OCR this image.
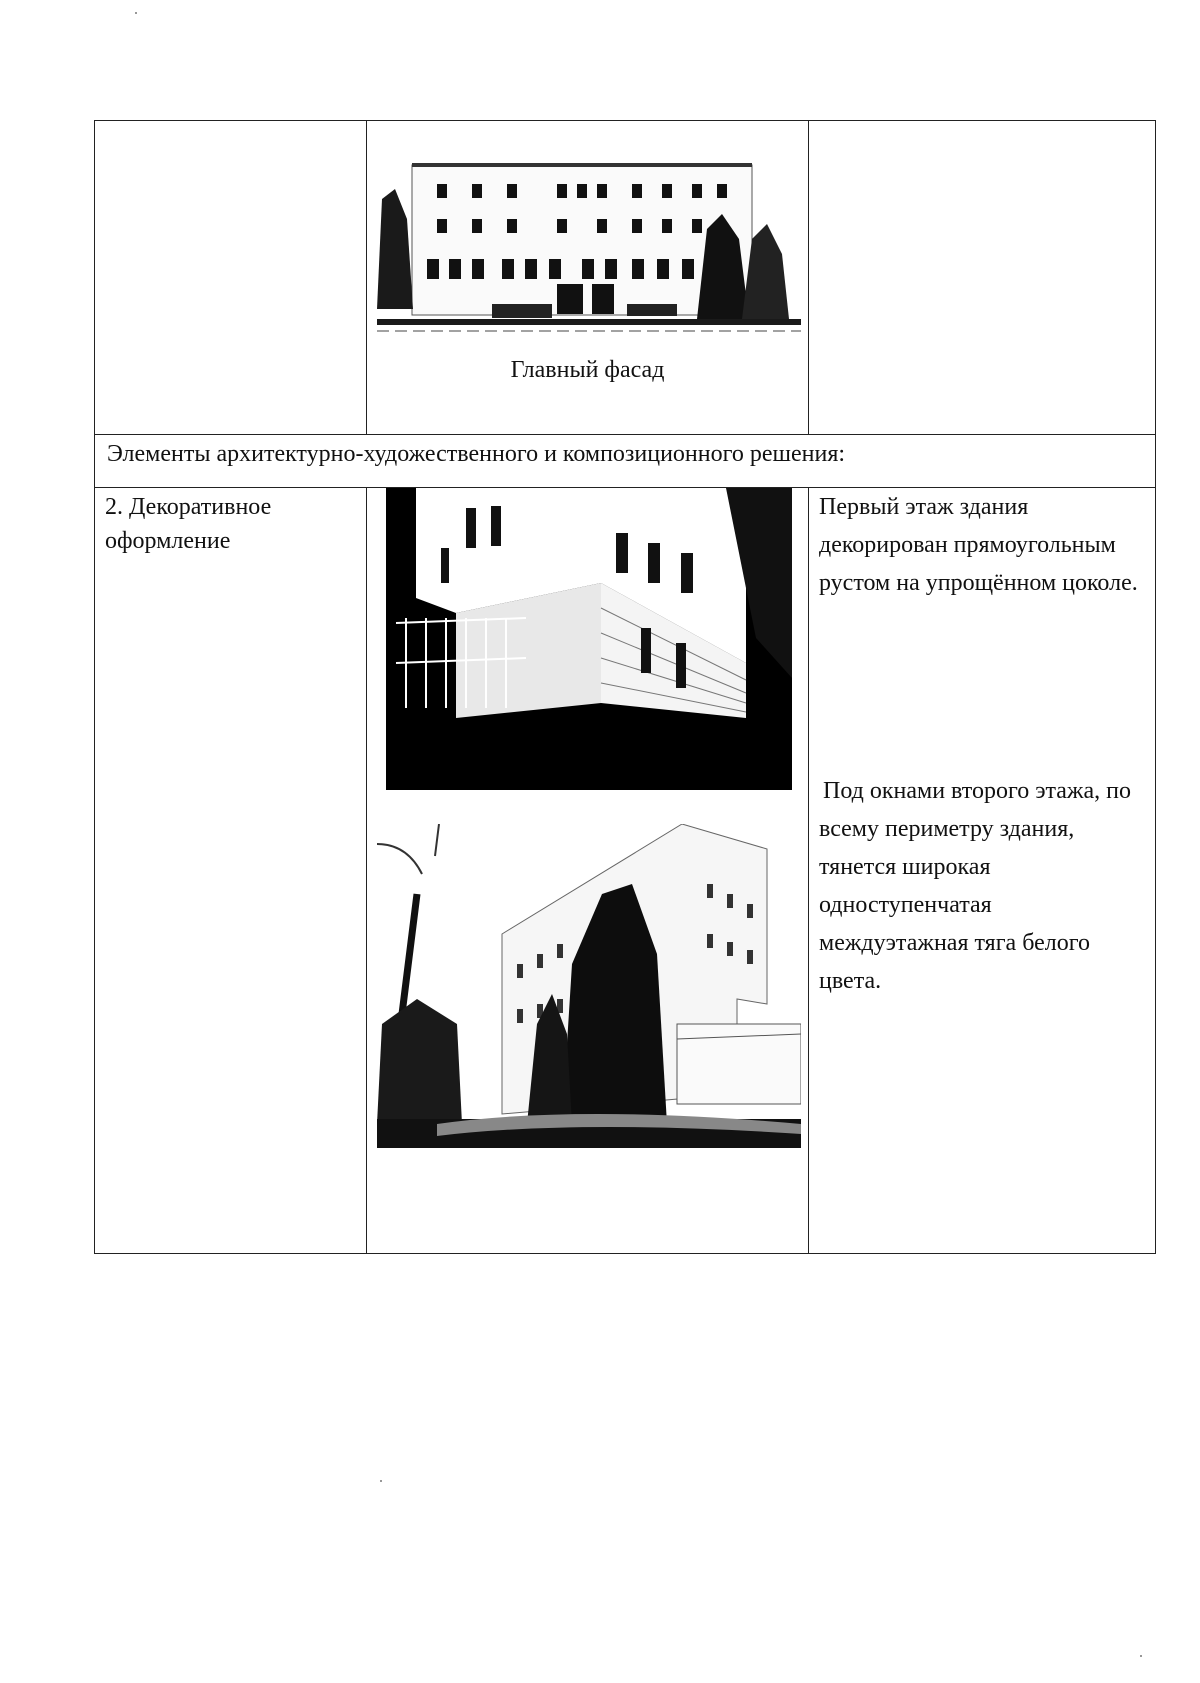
	Главный фасад	

Элементы архитектурно-художественного и композиционного решения:		

2. Декоративное оформление		Первый этаж здания декорирован прямоугольным рустом на упрощённом цоколе.
Под окнами второго этажа, по всему периметру здания, тянется широкая одноступенчатая междуэтажная тяга белого цвета.
